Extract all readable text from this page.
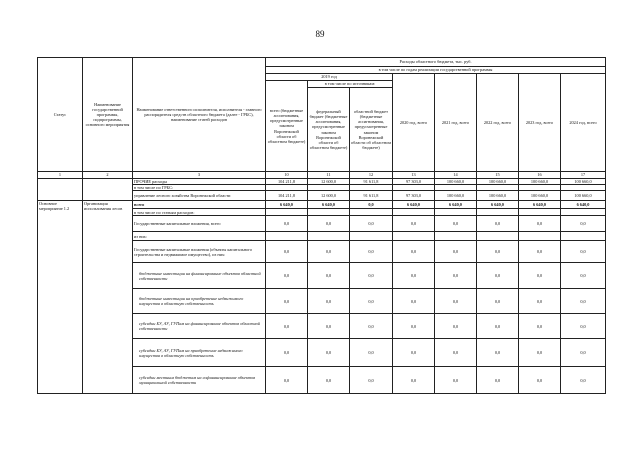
89
Статус	Наименование государственной программы, подпрограммы, основного мероприятия	Наименование ответственного исполнителя, исполнителя - главного распорядителя средств областного бюджета (далее - ГРБС), наименование статей расходов	Расходы областного бюджета, тыс. руб.							
			в том числе по годам реализации государственной программы							
			2019 год			2020 год, всего	2021 год, всего	2022 год, всего	2023 год, всего	2024 год, всего
			всего (бюджетные ассигнования, предусмотренные законом Воронежской области об областном бюджете)	в том числе по источникам:						
				федеральный бюджет (бюджетные ассигнования, предусмотренные законом Воронежской области об областном бюджете)	областной бюджет (бюджетные ассигнования, предусмотренные законом Воронежской области об областном бюджете)					
1	2	3	10	11	12	13	14	15	16	17
		ПРОЧИЕ расходы	104 211,8	12 600,0	91 611,8	97 303,0	100 660,0	100 660,0	100 660,0	100 660,0
		в том числе по ГРБС:								
		управление лесного хозяйства Воронежской области	104 211,8	12 600,0	91 611,8	97 303,0	100 660,0	100 660,0	100 660,0	100 660,0
Основное мероприятие 1.2	Организация использования лесов	всего	6 640,0	6 640,0	0,0	6 640,0	6 640,0	6 640,0	6 640,0	6 640,0
		в том числе по статьям расходов:								
		Государственные капитальные вложения, всего	0,0	0,0	0,0	0,0	0,0	0,0	0,0	0,0
		из них:								
		Государственные капитальные вложения (объекты капитального строительства и недвижимое имущество), из них:	0,0	0,0	0,0	0,0	0,0	0,0	0,0	0,0
		бюджетные инвестиции на финансирование объектов областной собственности	0,0	0,0	0,0	0,0	0,0	0,0	0,0	0,0
		бюджетные инвестиции на приобретение недвижимого имущества в областную собственность	0,0	0,0	0,0	0,0	0,0	0,0	0,0	0,0
		субсидии БУ, АУ, ГУПам на финансирование объектов областной собственности	0,0	0,0	0,0	0,0	0,0	0,0	0,0	0,0
		субсидии БУ, АУ, ГУПам на приобретение недвижимого имущества в областную собственность	0,0	0,0	0,0	0,0	0,0	0,0	0,0	0,0
		субсидии местным бюджетам на софинансирование объектов муниципальной собственности	0,0	0,0	0,0	0,0	0,0	0,0	0,0	0,0
